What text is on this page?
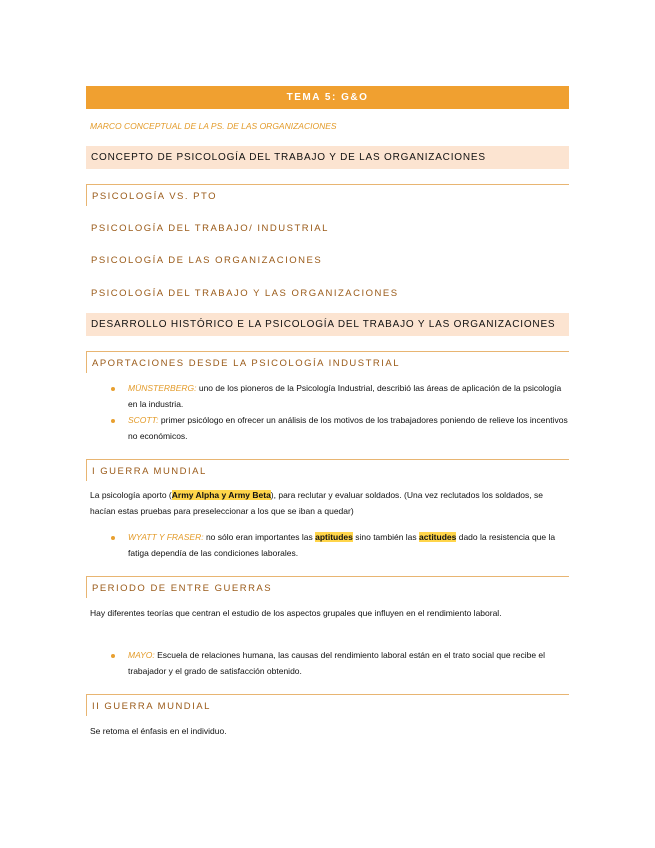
TEMA 5: G&O
MARCO CONCEPTUAL DE LA PS. DE LAS ORGANIZACIONES
CONCEPTO DE PSICOLOGÍA DEL TRABAJO Y DE LAS ORGANIZACIONES
PSICOLOGÍA VS. PTO
PSICOLOGÍA DEL TRABAJO/ INDUSTRIAL
PSICOLOGÍA DE LAS ORGANIZACIONES
PSICOLOGÍA DEL TRABAJO Y LAS ORGANIZACIONES
DESARROLLO HISTÓRICO E LA PSICOLOGÍA DEL TRABAJO Y LAS ORGANIZACIONES
APORTACIONES DESDE LA PSICOLOGÍA INDUSTRIAL
MÜNSTERBERG: uno de los pioneros de la Psicología Industrial, describió las áreas de aplicación de la psicología en la industria.
SCOTT: primer psicólogo en ofrecer un análisis de los motivos de los trabajadores poniendo de relieve los incentivos no económicos.
I GUERRA MUNDIAL
La psicología aporto (Army Alpha y Army Beta), para reclutar y evaluar soldados. (Una vez reclutados los soldados, se hacían estas pruebas para preseleccionar a los que se iban a quedar)
WYATT Y FRASER: no sólo eran importantes las aptitudes sino también las actitudes dado la resistencia que la fatiga dependía de las condiciones laborales.
PERIODO DE ENTRE GUERRAS
Hay diferentes teorías que centran el estudio de los aspectos grupales que influyen en el rendimiento laboral.
MAYO: Escuela de relaciones humana, las causas del rendimiento laboral están en el trato social que recibe el trabajador y el grado de satisfacción obtenido.
II GUERRA MUNDIAL
Se retoma el énfasis en el individuo.
